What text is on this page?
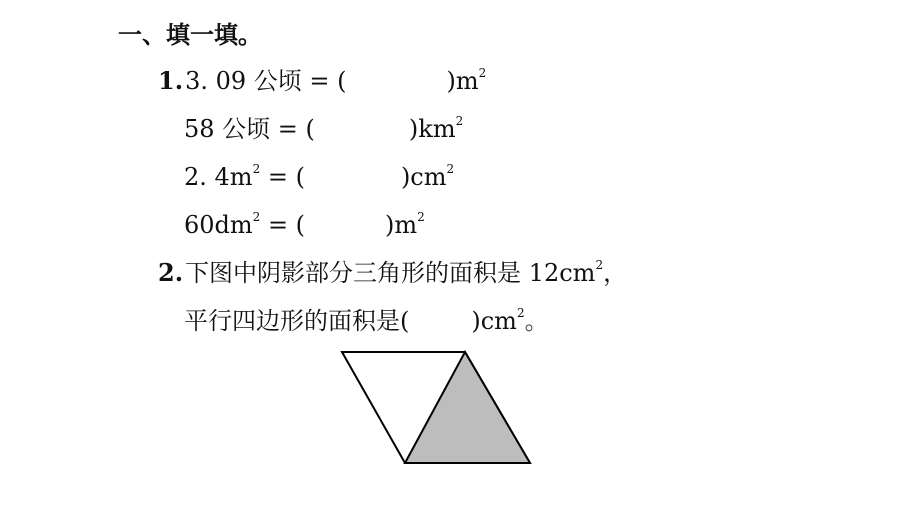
一、填一填。
1.3. 09 公顷 = (	)$m^2$
58 公顷 = (	)$km^2$
2. $4m^2$ = (	)$cm^2$
$60dm^2$ = (	)$m^2$
2.下图中阴影部分三角形的面积是 $12cm^2$，
平行四边形的面积是(	)$cm^2$。
